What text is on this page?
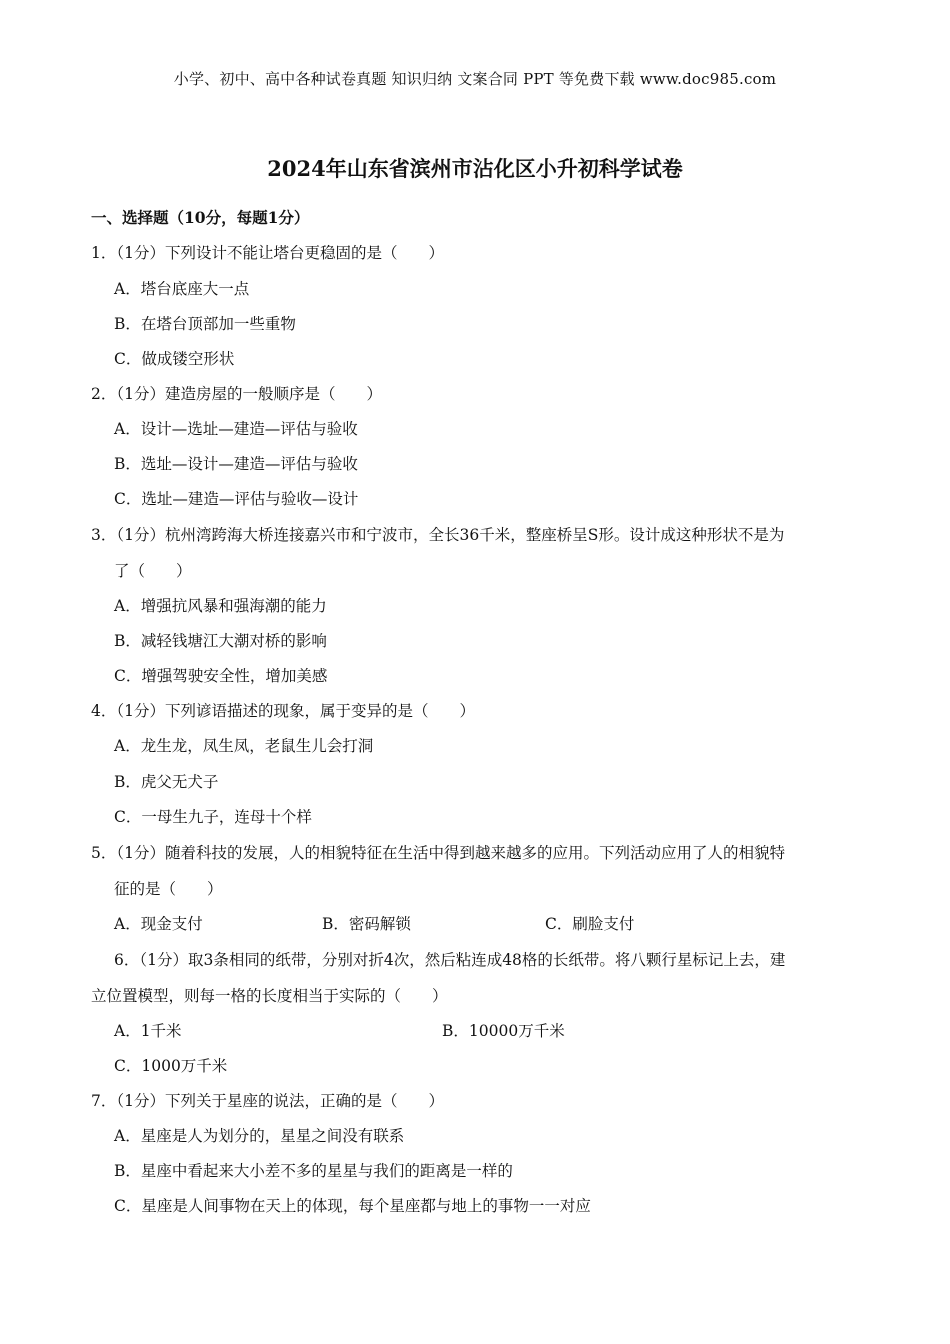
小学、初中、高中各种试卷真题 知识归纳 文案合同 PPT 等免费下载 www.doc985.com
2024年山东省滨州市沾化区小升初科学试卷
一、选择题（10分，每题1分）
1．（1分）下列设计不能让塔台更稳固的是（　　）
A．塔台底座大一点
B．在塔台顶部加一些重物
C．做成镂空形状
2．（1分）建造房屋的一般顺序是（　　）
A．设计—选址—建造—评估与验收
B．选址—设计—建造—评估与验收
C．选址—建造—评估与验收—设计
3．（1分）杭州湾跨海大桥连接嘉兴市和宁波市，全长36千米，整座桥呈S形。设计成这种形状不是为
了（　　）
A．增强抗风暴和强海潮的能力
B．减轻钱塘江大潮对桥的影响
C．增强驾驶安全性，增加美感
4．（1分）下列谚语描述的现象，属于变异的是（　　）
A．龙生龙，凤生凤，老鼠生儿会打洞
B．虎父无犬子
C．一母生九子，连母十个样
5．（1分）随着科技的发展，人的相貌特征在生活中得到越来越多的应用。下列活动应用了人的相貌特
征的是（　　）
A．现金支付	B．密码解锁	C．刷脸支付
6．（1分）取3条相同的纸带，分别对折4次，然后粘连成48格的长纸带。将八颗行星标记上去，建
立位置模型，则每一格的长度相当于实际的（　　）
A．1千米	B．10000万千米
C．1000万千米
7．（1分）下列关于星座的说法，正确的是（　　）
A．星座是人为划分的，星星之间没有联系
B．星座中看起来大小差不多的星星与我们的距离是一样的
C．星座是人间事物在天上的体现，每个星座都与地上的事物一一对应
